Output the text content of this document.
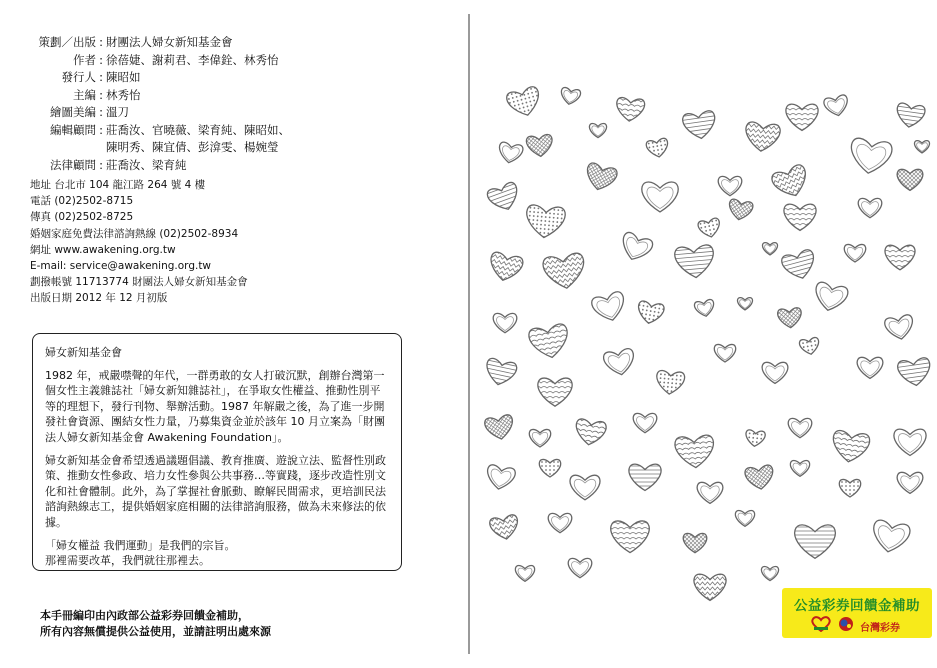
策劃／出版 : 財團法人婦女新知基金會
作者 : 徐蓓婕、謝莉君、李偉銓、林秀怡
發行人 : 陳昭如
主編 : 林秀怡
繪圖美編 : 溫刀
編輯顧問 : 莊喬汝、官曉薇、梁育純、陳昭如、
陳明秀、陳宜倩、彭渰雯、楊婉瑩
法律顧問 : 莊喬汝、梁育純
地址 台北市 104 龍江路 264 號 4 樓
電話 (02)2502-8715
傳真 (02)2502-8725
婚姻家庭免費法律諮詢熱線 (02)2502-8934
網址 www.awakening.org.tw
E-mail: service@awakening.org.tw
劃撥帳號 11713774 財團法人婦女新知基金會
出版日期 2012 年 12 月初版

婦女新知基金會

1982 年，戒嚴噤聲的年代，一群勇敢的女人打破沉默，創辦台灣第一個女性主義雜誌社「婦女新知雜誌社」，在爭取女性權益、推動性別平等的理想下，發行刊物、舉辦活動。1987 年解嚴之後，為了進一步開發社會資源、團結女性力量，乃募集資金並於該年 10 月立案為「財團法人婦女新知基金會 Awakening Foundation」。

婦女新知基金會希望透過議題倡議、教育推廣、遊說立法、監督性別政策、推動女性參政、培力女性參與公共事務…等實踐，逐步改造性別文化和社會體制。此外，為了掌握社會脈動、瞭解民間需求，更培訓民法諮詢熱線志工，提供婚姻家庭相關的法律諮詢服務，做為未來修法的依據。

「婦女權益 我們運動」是我們的宗旨。

那裡需要改革，我們就往那裡去。

本手冊編印由內政部公益彩券回饋金補助，
所有內容無償提供公益使用，並請註明出處來源
公益彩券回饋金補助
台灣彩券
